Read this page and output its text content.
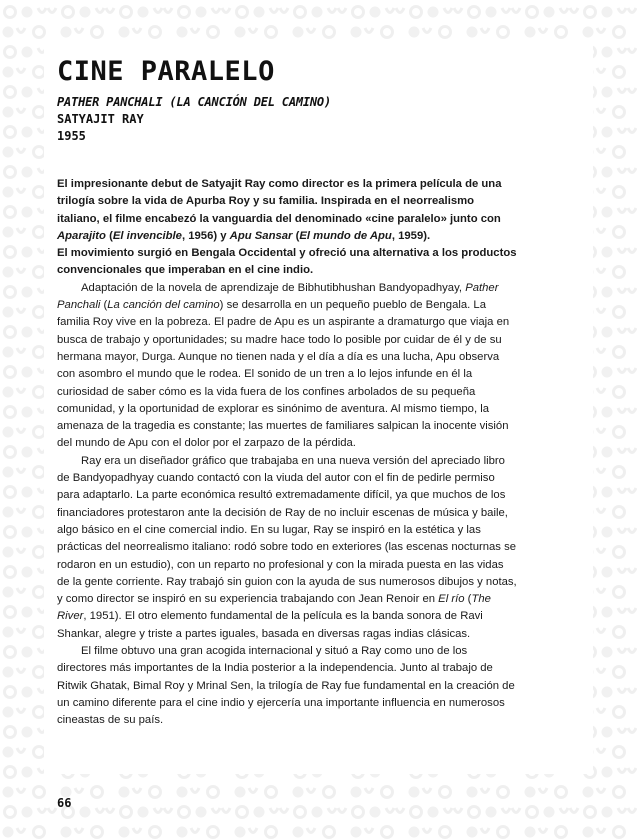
CINE PARALELO

PATHER PANCHALI (LA CANCIÓN DEL CAMINO)

SATYAJIT RAY

1955

El impresionante debut de Satyajit Ray como director es la primera película de una trilogía sobre la vida de Apurba Roy y su familia. Inspirada en el neorrealismo italiano, el filme encabezó la vanguardia del denominado «cine paralelo» junto con Aparajito (El invencible, 1956) y Apu Sansar (El mundo de Apu, 1959).
El movimiento surgió en Bengala Occidental y ofreció una alternativa a los productos convencionales que imperaban en el cine indio.

Adaptación de la novela de aprendizaje de Bibhutibhushan Bandyopadhyay, Pather Panchali (La canción del camino) se desarrolla en un pequeño pueblo de Bengala. La familia Roy vive en la pobreza. El padre de Apu es un aspirante a dramaturgo que viaja en busca de trabajo y oportunidades; su madre hace todo lo posible por cuidar de él y de su hermana mayor, Durga. Aunque no tienen nada y el día a día es una lucha, Apu observa con asombro el mundo que le rodea. El sonido de un tren a lo lejos infunde en él la curiosidad de saber cómo es la vida fuera de los confines arbolados de su pequeña comunidad, y la oportunidad de explorar es sinónimo de aventura. Al mismo tiempo, la amenaza de la tragedia es constante; las muertes de familiares salpican la inocente visión del mundo de Apu con el dolor por el zarpazo de la pérdida.

Ray era un diseñador gráfico que trabajaba en una nueva versión del apreciado libro de Bandyopadhyay cuando contactó con la viuda del autor con el fin de pedirle permiso para adaptarlo. La parte económica resultó extremadamente difícil, ya que muchos de los financiadores protestaron ante la decisión de Ray de no incluir escenas de música y baile, algo básico en el cine comercial indio. En su lugar, Ray se inspiró en la estética y las prácticas del neorrealismo italiano: rodó sobre todo en exteriores (las escenas nocturnas se rodaron en un estudio), con un reparto no profesional y con la mirada puesta en las vidas de la gente corriente. Ray trabajó sin guion con la ayuda de sus numerosos dibujos y notas, y como director se inspiró en su experiencia trabajando con Jean Renoir en El río (The River, 1951). El otro elemento fundamental de la película es la banda sonora de Ravi Shankar, alegre y triste a partes iguales, basada en diversas ragas indias clásicas.

El filme obtuvo una gran acogida internacional y situó a Ray como uno de los directores más importantes de la India posterior a la independencia. Junto al trabajo de Ritwik Ghatak, Bimal Roy y Mrinal Sen, la trilogía de Ray fue fundamental en la creación de un camino diferente para el cine indio y ejercería una importante influencia en numerosos cineastas de su país.

66
